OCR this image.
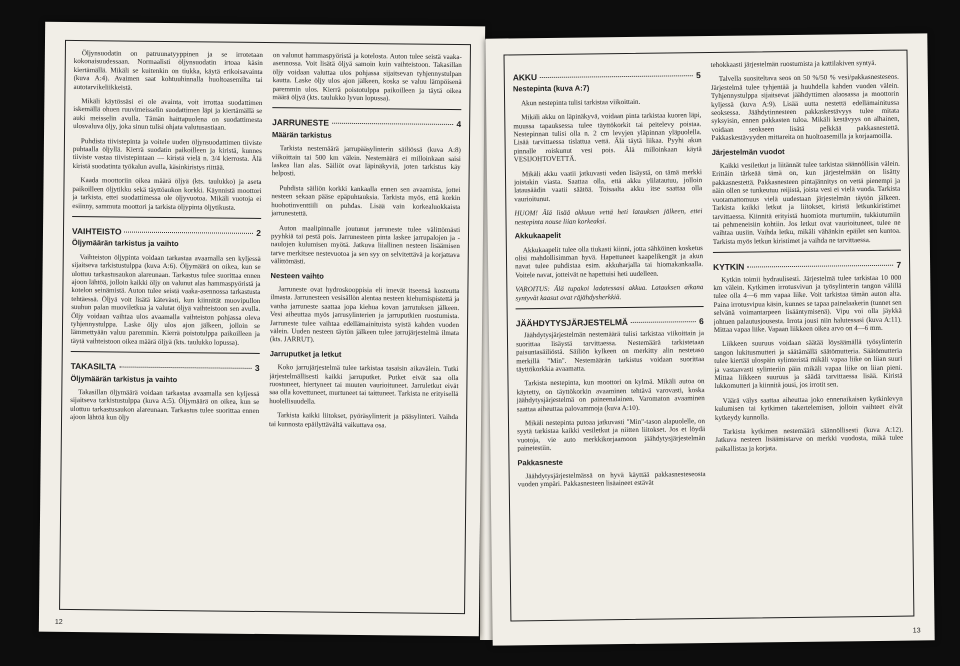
Öljynsuodatin on patruunatyyppinen ja se irrotetaan kokonaisuudessaan. Normaalisti öljynsuodatin irtoaa käsin kiertämällä. Mikäli se kuitenkin on tiukka, käytä erikoisavainta (kuva A:4). Avaimen saat kohtuuhinnalla huoltoasemilta tai autotarvikeliikkeistä.

Mikäli käytössäsi ei ole avainta, voit irrottaa suodattimen iskemällä ohuen ruuvimeisselin suodattimen läpi ja kiertämällä se auki meisselin avulla. Tämän haittapuolena on suodattimesta ulosvaluva öljy, joka sinun tulisi ohjata valutusastiaan.

Puhdista tiivistepinta ja voitele uuden öljynsuodattimen tiiviste puhtaalla öljyllä. Kierrä suodatin paikoilleen ja kiristä, kunnes tiiviste vastaa tiivistepintaan — kiristä vielä n. 3/4 kierrosta. Älä kiristä suodatinta työkalun avulla, käsinkiristys riittää.

Kaada moottoriin oikea määrä öljyä (kts. taulukko) ja aseta paikoilleen öljytikku sekä täyttöaukon korkki. Käynnistä moottori ja tarkista, ettei suodattimessa ole öljyvuotoa. Mikäli vuotoja ei esiinny, sammuta moottori ja tarkista öljypinta öljytikusta.

VAIHTEISTO	2
Öljymäärän tarkistus ja vaihto

Vaihteiston öljypinta voidaan tarkastaa avaamalla sen kyljessä sijaitseva tarkistustulppa (kuva A:6). Öljymäärä on oikea, kun se ulottuu tarkastusaukon alareunaan. Tarkastus tulee suorittaa ennen ajoon lähtöä, jolloin kaikki öljy on valunut alas hammaspyöristä ja kotelon seinämistä. Auton tulee seistä vaaka-asennossa tarkastusta tehtäessä. Öljyä voit lisätä kätevästi, kun kiinnität muovipullon suuhun palan muoviletkua ja valutat öljyä vaihteistoon sen avulla. Öljy voidaan vaihtaa ulos avaamalla vaihteiston pohjassa oleva tyhjennystulppa. Laske öljy ulos ajon jälkeen, jolloin se lämmettyään valuu paremmin. Kierrä poistotulppa paikoilleen ja täytä vaihteistoon oikea määrä öljyä (kts. taulukko lopussa).

TAKASILTA	3
Öljymäärän tarkistus ja vaihto

Takasillan öljymäärä voidaan tarkastaa avaamalla sen kyljessä sijaitseva tarkistustulppa (kuva A:5). Öljymäärä on oikea, kun se ulottuu tarkastusaukon alareunaan. Tarkastus tulee suorittaa ennen ajoon lähtöä kun öljy

on valunut hammaspyöristä ja kotelosta. Auton tulee seistä vaaka-asennossa. Voit lisätä öljyä samoin kuin vaihteistoon. Takasillan öljy voidaan valuttaa ulos pohjassa sijaitsevan tyhjennystulpan kautta. Laske öljy ulos ajon jälkeen, koska se valuu lämpöisenä paremmin ulos. Kierrä poistotulppa paikoilleen ja täytä oikea määrä öljyä (kts. taulukko lyvun lopussa).

JARRUNESTE	4
Määrän tarkistus

Tarkista nestemäärä jarrupääsylinterin säiliössä (kuva A:8) viikoittain tai 500 km välein. Nestemäärä ei milloinkaan saisi laskea lian alas. Säiliöt ovat läpinäkyviä, joten tarkistus käy helposti.

Puhdista säiliön korkki kankaalla ennen sen avaamista, jottei nesteen sekaan pääse epäpuhtauksia. Tarkista myös, että korkin huohotinventtiili on puhdas. Lisää vain korkealuokkaista jarrunestettä.

Auton maalipinnalle joutunut jarruneste tulee välittömästi pyyhkiä tai pestä pois. Jarrunesteen pinta laskee jarrupalojen ja -naulojen kulumisen myötä. Jatkuva liiallinen nesteen lisäämisen tarve merkitsee nestevuotoa ja sen syy on selvitettävä ja korjattava välittömästi.

Nesteen vaihto

Jarruneste ovat hydroskooppisia eli imevät itseensä kosteutta ilmasta. Jarrunesteen vesisällön alentaa nesteen kiehumispistettä ja vanha jarruneste saattaa jopa kiehua kovan jarrutuksen jälkeen. Vesi aiheuttaa myös jarrusylinterien ja jarruputkien ruostumista. Jarruneste tulee vaihtaa edellämainituista syistä kahden vuoden välein. Uuden nesteen täytön jälkeen tulee jarrujärjestelmä ilmata (kts. JARRUT).

Jarruputket ja letkut

Koko jarrujärjestelmä tulee tarkistaa tasaisin aikavälein. Tutki järjestelmällisesti kaikki jarruputket. Putket eivät saa olla ruostuneet, hiertyneet tai muuten vaurioituneet. Jarruletkut eivät saa olla kovettuneet, murtuneet tai taittuneet. Tarkista ne erityisellä huolellisuudella.

Tarkista kaikki liitokset, pyöräsylinterit ja pääsylinteri. Vaihda tai kunnosta epäilyttävältä vaikuttava osa.

12
AKKU	5
Nestepinta (kuva A:7)

Akun nestepinta tulisi tarkistaa viikoittain.

Mikäli akku on läpinäkyvä, voidaan pinta tarkistaa kuoren läpi, muussa tapauksessa tulee täyttökorkit tai peitelevy poistaa. Nestepinnan tulisi olla n. 2 cm levyjen yläpinnan yläpuolella. Lisää tarvittaessa tislattua vettä. Älä täytä liikaa. Pyyhi akun pinnalle roiskunut vesi pois. Älä milloinkaan käytä VESIJOHTOVETTÄ.

Mikäli akku vaatii jatkuvasti veden lisäystä, on tämä merkki joistakin viasta. Saattaa olla, että akku ylilatautuu, jolloin latausäädin vaatii säätöä. Toisaalta akku itse saattaa olla vaurioitunut.

HUOM! Älä lisää akkuun vettä heti latauksen jälkeen, ettei nestepinta nouse liian korkeaksi.

Akkukaapelit

Akkukaapelit tulee olla tiukasti kiinni, jotta sähköinen kosketus olisi mahdollisimman hyvä. Hapettuneet kaapelikengät ja akun navat tulee puhdistaa esim. akkuharjalla tai hiomakankaalla. Voitele navat, jotteivät ne hapettuisi heti uudelleen.

VAROITUS: Älä tupakoi ladatessasi akkua. Latauksen aikana syntyvät kaasut ovat räjähdysherkkiä.

JÄÄHDYTYSJÄRJESTELMÄ	6

Jäähdytysjärjestelmän nestemäärä tulisi tarkistaa viikoittain ja suorittaa lisäystä tarvittaessa. Nestemäärä tarkistetaan paisuntasäiliöstä. Säiliön kylkeen on merkitty alin nestetaso merkillä "Min". Nestemäärän tarkistus voidaan suorittaa täyttökorkkia avaamatta.

Tarkista nestepinta, kun moottori on kylmä. Mikäli autoa on käytetty, on täyttökorkin avaaminen tehtävä varovasti, koska jäähdytysjärjestelmä on paineenalainen. Varomaton avaaminen saattaa aiheuttaa palovammoja (kuva A:10).

Mikäli nestepinta putoaa jatkuvasti "Min"-tason alapuolelle, on syytä tarkistaa kaikki vesiletkut ja niitten liitokset. Jos et löydä vuotoja, vie auto merkkikorjaamoon jäähdytysjärjestelmän painetestiin.

Pakkasneste

Jäähdytysjärjestelmässä on hyvä käyttää pakkasnesteseosta vuoden ympäri. Pakkasnesteen lisäaineet estävät

tehokkaasti järjestelmän ruostumista ja kattilakiven syntyä.

Talvella suositeltava seos on 50 %/50 % vesi/pakkasnesteseos. Järjestelmä tulee tyhjentää ja huuhdella kahden vuoden välein. Tyhjennystulppa sijaitsevat jäähdyttimen alaosassa ja moottorin kyljessä (kuva A:9). Lisää uutta nestettä edellämainitussa seoksessa. Jäähdytinnesteen pakkaskestävyys tulee mitata syksyisin, ennen pakkasten tuloa. Mikäli kestävyys on alhainen, voidaan seokseen lisätä pelkkää pakkasnestettä. Pakkaskestävyyden mittareita on huoltoasemilla ja korjaamoilla.

Järjestelmän vuodot

Kaikki vesiletkut ja liitännät tulee tarkistaa säännöllisin välein. Erittäin tärkeää tämä on, kun järjestelmään on lisätty pakkasnestettä. Pakkasnesteen pintajännitys on vettä pienempi ja näin ollen se tunkeutuu reijistä, joista vesi ei vielä vuoda. Tarkista vuotamattomuus vielä uudestaan järjestelmän täytön jälkeen. Tarkista kaikki letkut ja liitokset, kiristä letkunkiristimet tarvittaessa. Kiinnitä erityistä huomiota murtumiin, tukkiutumiin tai pehmeneisiin kohtiin. Jos letkut ovat vaurioituneet, tulee ne vaihtaa uusiin. Vaihda letku, mikäli vähänkin epäilet sen kuntoa. Tarkista myös letkun kiristimet ja vaihda ne tarvittaessa.

KYTKIN	7

Kytkin toimii hydraulisesti. Järjestelmä tulee tarkistaa 10 000 km välein. Kytkimen irrotusvivun ja työsylinterin tangon välillä tulee olla 4—6 mm vapaa liike. Voit tarkistaa tämän auton alta. Paina irrotusvipua käsin, kunnes se tapaa painelaakerin (tunnet sen selvänä voimantarpeen lisääntymisenä). Vipu voi olla jäykkä johtuen palautusjousesta. Irrota jousi niin halutessasi (kuva A:11). Mittaa vapaa liike. Vapaan liikkeen oikea arvo on 4—6 mm.

Liikkeen suuruus voidaan säätää löysäämällä työsylinterin tangon lukitusmutteri ja säätämällä säätömutteria. Säätömutteria tulee kiertää ulospäin sylinteristä mikäli vapaa liike on liian suuri ja vastaavasti sylinteriin päin mikäli vapaa liike on liian pieni. Mittaa liikkeen suuruus ja säädä tarvittaessa lisää. Kiristä lukkomutteri ja kiinnitä jousi, jos irrotit sen.

Väärä välys saattaa aiheuttaa joko ennenaikaisen kytkinlevyn kulumisen tai kytkimen takertelemisen, jolloin vaihteet eivät kytkeydy kunnolla.

Tarkista kytkimen nestemäärä säännöllisesti (kuva A:12). Jatkuva nesteen lisäämistarve on merkki vuodosta, mikä tulee paikallistaa ja korjata.

13
